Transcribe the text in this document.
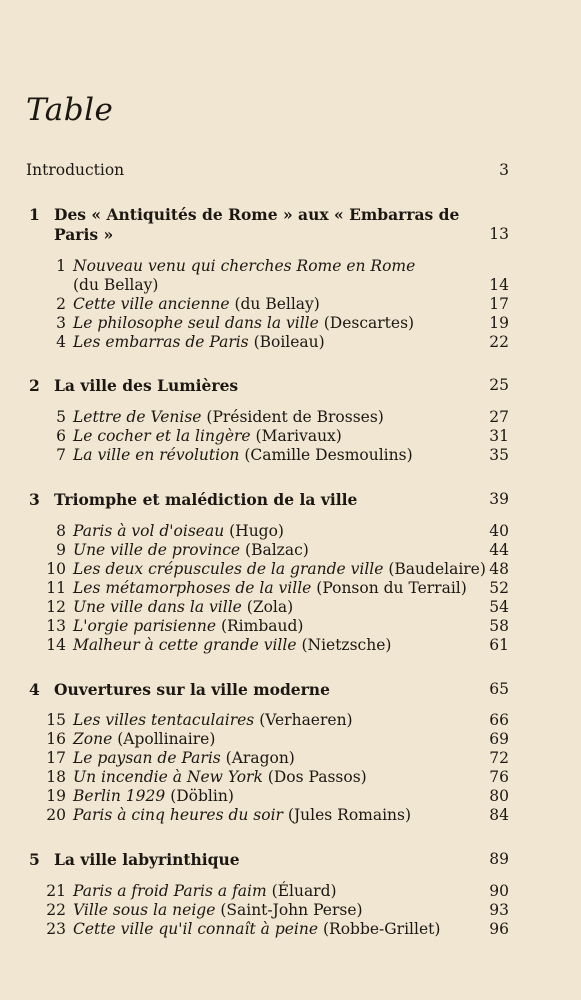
Table
Introduction	3
1 Des « Antiquités de Rome » aux « Embarras de
Paris »	13
1 Nouveau venu qui cherches Rome en Rome
(du Bellay)	14
2 Cette ville ancienne (du Bellay)	17
3 Le philosophe seul dans la ville (Descartes)	19
4 Les embarras de Paris (Boileau)	22
2 La ville des Lumières	25
5 Lettre de Venise (Président de Brosses)	27
6 Le cocher et la lingère (Marivaux)	31
7 La ville en révolution (Camille Desmoulins)	35
3 Triomphe et malédiction de la ville	39
8 Paris à vol d'oiseau (Hugo)	40
9 Une ville de province (Balzac)	44
10 Les deux crépuscules de la grande ville (Baudelaire) 48
11 Les métamorphoses de la ville (Ponson du Terrail) 52
12 Une ville dans la ville (Zola)	54
13 L'orgie parisienne (Rimbaud)	58
14 Malheur à cette grande ville (Nietzsche)	61
4 Ouvertures sur la ville moderne	65
15 Les villes tentaculaires (Verhaeren)	66
16 Zone (Apollinaire)	69
17 Le paysan de Paris (Aragon)	72
18 Un incendie à New York (Dos Passos)	76
19 Berlin 1929 (Döblin)	80
20 Paris à cinq heures du soir (Jules Romains)	84
5 La ville labyrinthique	89
21 Paris a froid Paris a faim (Éluard)	90
22 Ville sous la neige (Saint-John Perse)	93
23 Cette ville qu'il connaît à peine (Robbe-Grillet)	96
